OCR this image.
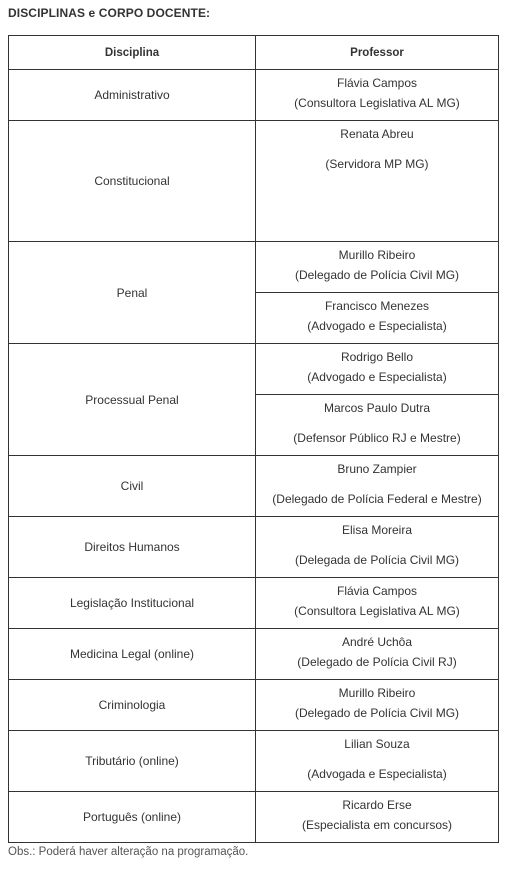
DISCIPLINAS e CORPO DOCENTE:

Disciplina	Professor
Administrativo	Flávia Campos
(Consultora Legislativa AL MG)

Constitucional	Renata Abreu
(Servidora MP MG)

Penal	Murillo Ribeiro
(Delegado de Polícia Civil MG)

	Francisco Menezes
(Advogado e Especialista)

Processual Penal	Rodrigo Bello
(Advogado e Especialista)

	Marcos Paulo Dutra
(Defensor Público RJ e Mestre)

Civil	Bruno Zampier
(Delegado de Polícia Federal e Mestre)

Direitos Humanos	Elisa Moreira
(Delegada de Polícia Civil MG)

Legislação Institucional	Flávia Campos
(Consultora Legislativa AL MG)

Medicina Legal (online)	André Uchôa
(Delegado de Polícia Civil RJ)

Criminologia	Murillo Ribeiro
(Delegado de Polícia Civil MG)

Tributário (online)	Lilian Souza
(Advogada e Especialista)

Português (online)	Ricardo Erse
(Especialista em concursos)

Obs.: Poderá haver alteração na programação.
